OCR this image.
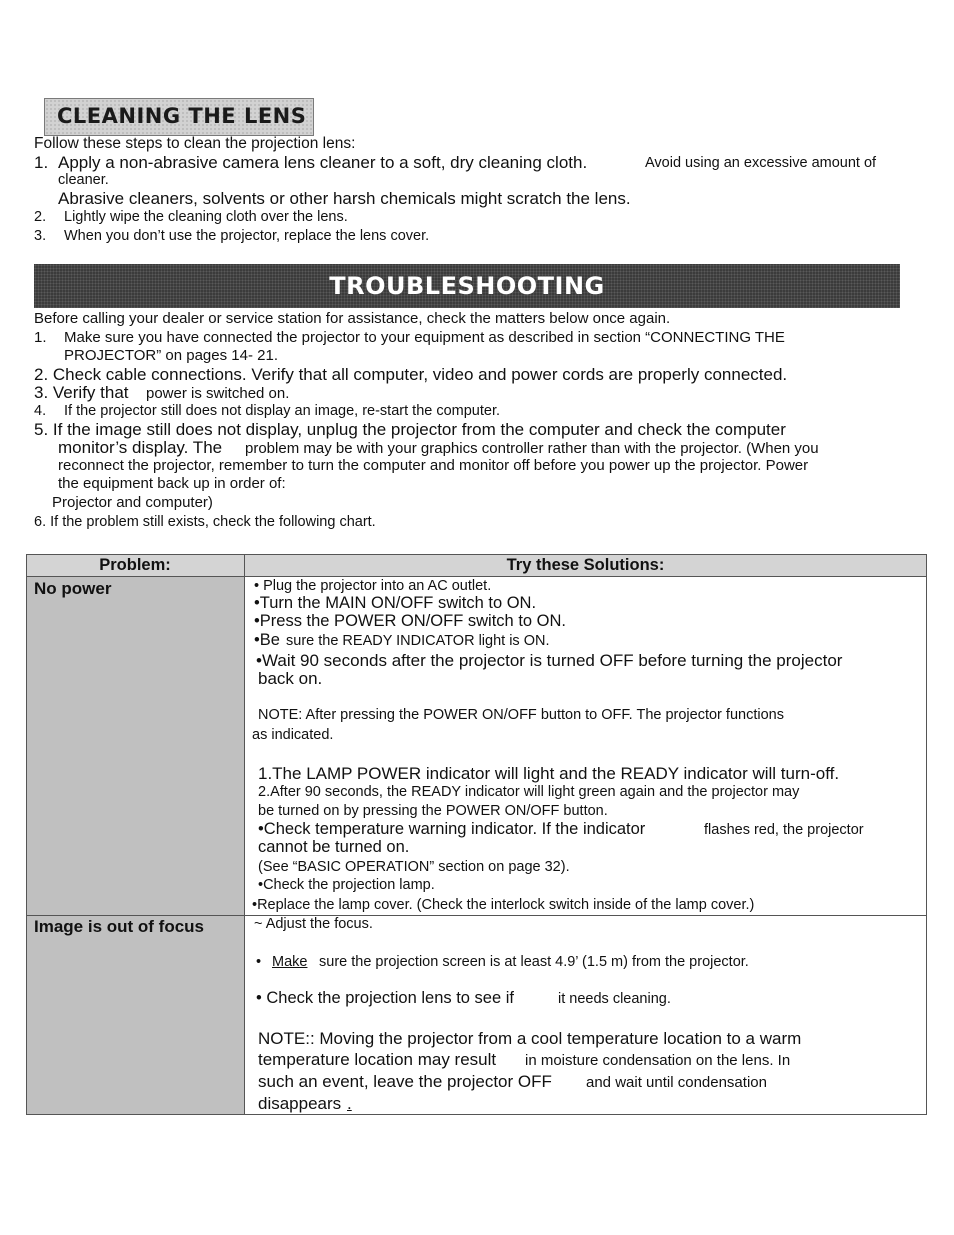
CLEANING THE LENS
Follow these steps to clean the projection lens:
1. Apply a non-abrasive camera lens cleaner to a soft, dry cleaning cloth.	Avoid using an excessive amount of
cleaner.
Abrasive cleaners, solvents or other harsh chemicals might scratch the lens.
2. Lightly wipe the cleaning cloth over the lens.
3. When you don’t use the projector, replace the lens cover.
TROUBLESHOOTING
Before calling your dealer or service station for assistance, check the matters below once again.
1. Make sure you have connected the projector to your equipment as described in section “CONNECTING THE
PROJECTOR” on pages 14- 21.
2. Check cable connections. Verify that all computer, video and power cords are properly connected.
3. Verify that power is switched on.
4. If the projector still does not display an image, re-start the computer.
5. If the image still does not display, unplug the projector from the computer and check the computer
monitor’s display. The problem may be with your graphics controller rather than with the projector. (When you
reconnect the projector, remember to turn the computer and monitor off before you power up the projector. Power
the equipment back up in order of:
Projector and computer)
6. If the problem still exists, check the following chart.
Problem:	Try these Solutions:
No power	• Plug the projector into an AC outlet.
•Turn the MAIN ON/OFF switch to ON.
•Press the POWER ON/OFF switch to ON.
•Be sure the READY INDICATOR light is ON.
•Wait 90 seconds after the projector is turned OFF before turning the projector
back on.
NOTE: After pressing the POWER ON/OFF button to OFF. The projector functions
as indicated.
1.The LAMP POWER indicator will light and the READY indicator will turn-off.
2.After 90 seconds, the READY indicator will light green again and the projector may
be turned on by pressing the POWER ON/OFF button.
•Check temperature warning indicator. If the indicator	flashes red, the projector
cannot be turned on.
(See “BASIC OPERATION” section on page 32).
•Check the projection lamp.
•Replace the lamp cover. (Check the interlock switch inside of the lamp cover.)
Image is out of focus	~ Adjust the focus.
• Make sure the projection screen is at least 4.9’ (1.5 m) from the projector.
• Check the projection lens to see if	it needs cleaning.
NOTE:: Moving the projector from a cool temperature location to a warm
temperature location may result in moisture condensation on the lens. In
such an event, leave the projector OFF and wait until condensation
disappears .
